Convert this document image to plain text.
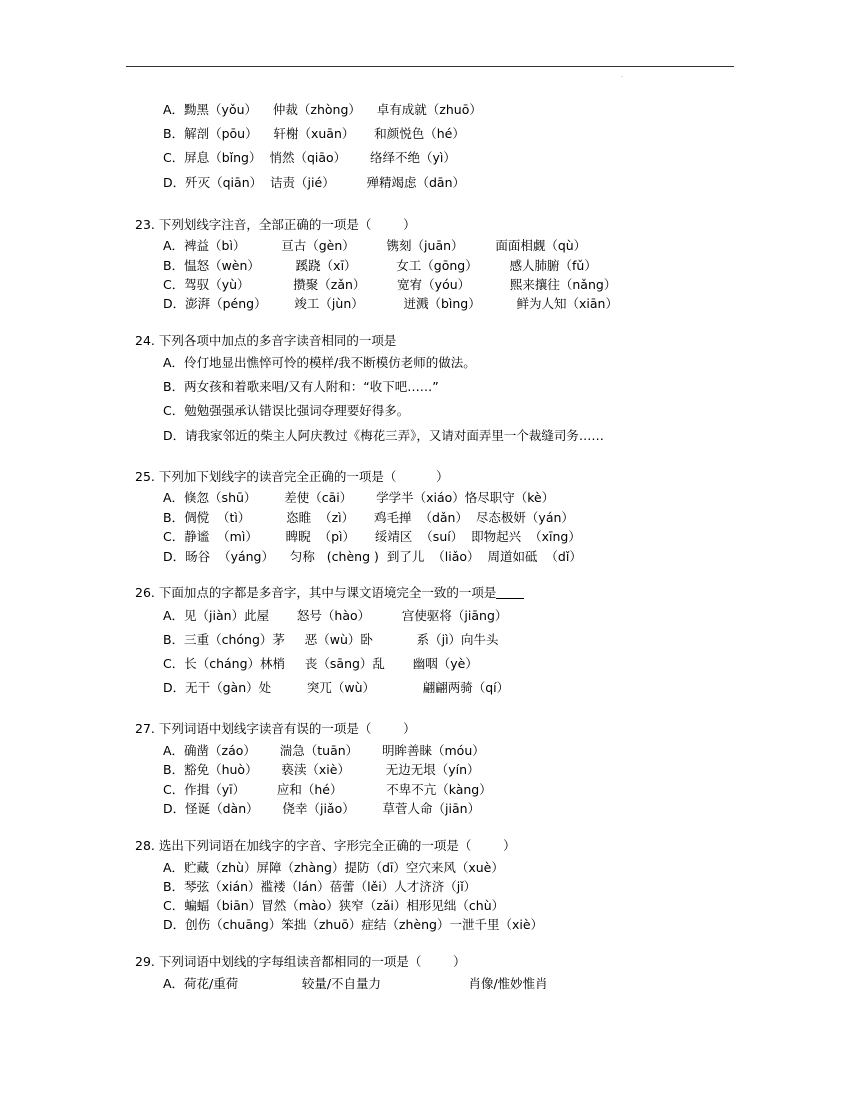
.
A．黝黑（yǒu）    仲裁（zhòng）    卓有成就（zhuō）
B．解剖（pōu）    轩榭（xuān）     和颜悦色（hé）
C．屏息（bǐng）  悄然（qiāo）      络绎不绝（yì）
D．歼灭（qiān）  诘责（jié）        殚精竭虑（dān）
23. 下列划线字注音，全部正确的一项是（        ）
A．裨益（bì）         亘古（gèn）        镌刻（juān）        面面相觑（qù）
B．愠怒（wèn）         蹊跷（xī）          女工（gōng）        感人肺腑（fǔ）
C．驾驭（yù）           攒聚（zǎn）        宽宥（yóu）          熙来攘往（nǎng）
D．澎湃（péng）       竣工（jùn）          迸溅（bìng）         鲜为人知（xiān）
24. 下列各项中加点的多音字读音相同的一项是
A．伶仃地显出憔悴可怜的模样/我不断模仿老师的做法。
B．两女孩和着歌来唱/又有人附和：“收下吧……”
C．勉勉强强承认错误比强词夺理要好得多。
D．请我家邻近的柴主人阿庆教过《梅花三弄》，又请对面弄里一个裁缝司务……
25. 下列加下划线字的读音完全正确的一项是（          ）
A．倏忽（shū）       差使（cāi）      学学半（xiáo）恪尽职守（kè）
B．倜傥  （tì）         恣睢  （zì）     鸡毛掸  （dǎn）  尽态极妍（yán）
C．静谧  （mì）       睥睨  （pì）     绥靖区  （suí）  即物起兴  （xīng）
D．旸谷  （yáng）    匀称   (chèng )  到了儿  （liǎo）  周道如砥  （dǐ）
26. 下面加点的字都是多音字，其中与课文语境完全一致的一项是
A．见（jiàn）此屋       怒号（hào）        宫使驱将（jiāng）
B．三重（chóng）茅     恶（wù）卧           系（jì）向牛头
C．长（cháng）林梢     丧（sāng）乱       幽咽（yè）
D．无干（gàn）处         突兀（wù）            翩翩两骑（qí）
27. 下列词语中划线字读音有误的一项是（        ）
A．确凿（záo）      湍急（tuān）      明眸善睐（móu）
B．豁免（huò）      亵渎（xiè）         无边无垠（yín）
C．作揖（yī）        应和（hé）           不卑不亢（kàng）
D．怪诞（dàn）      侥幸（jiǎo）       草菅人命（jiān）
28. 选出下列词语在加线字的字音、字形完全正确的一项是（        ）
A．贮藏（zhù）屏障（zhàng）提防（dī）空穴来风（xuè）
B．琴弦（xián）褴褛（lán）蓓蕾（lěi）人才济济（jǐ）
C．蝙蝠（biān）冒然（mào）狭窄（zǎi）相形见绌（chù）
D．创伤（chuāng）笨拙（zhuō）症结（zhèng）一泄千里（xiè）
29. 下列词语中划线的字每组读音都相同的一项是（        ）
A．荷花/重荷                较量/不自量力                      肖像/惟妙惟肖
